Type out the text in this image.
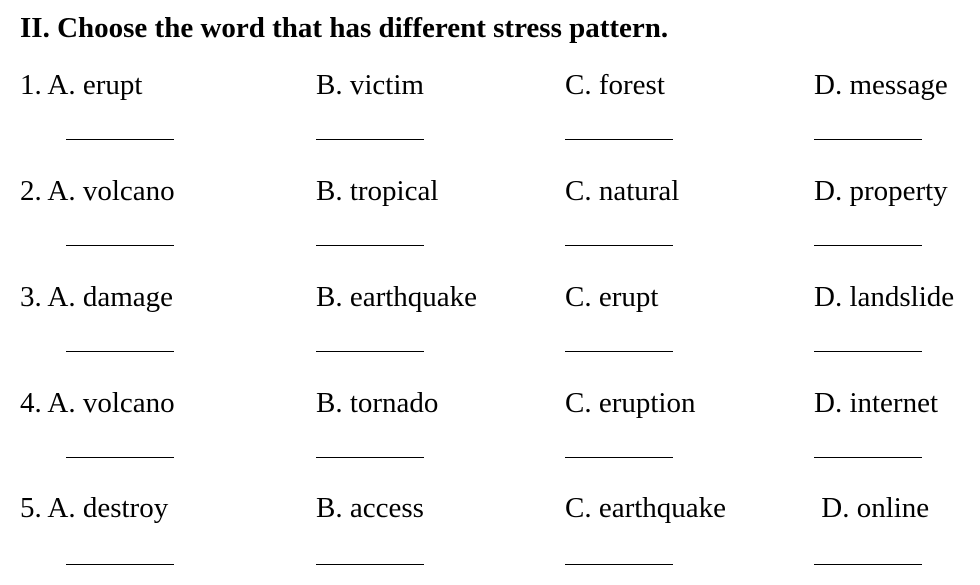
II. Choose the word that has different stress pattern.
1. A. erupt	B. victim	C. forest	D. message
2. A. volcano	B. tropical	C. natural	D. property
3. A. damage	B. earthquake	C. erupt	D. landslide
4. A. volcano	B. tornado	C. eruption	D. internet
5. A. destroy	B. access	C. earthquake	D. online
